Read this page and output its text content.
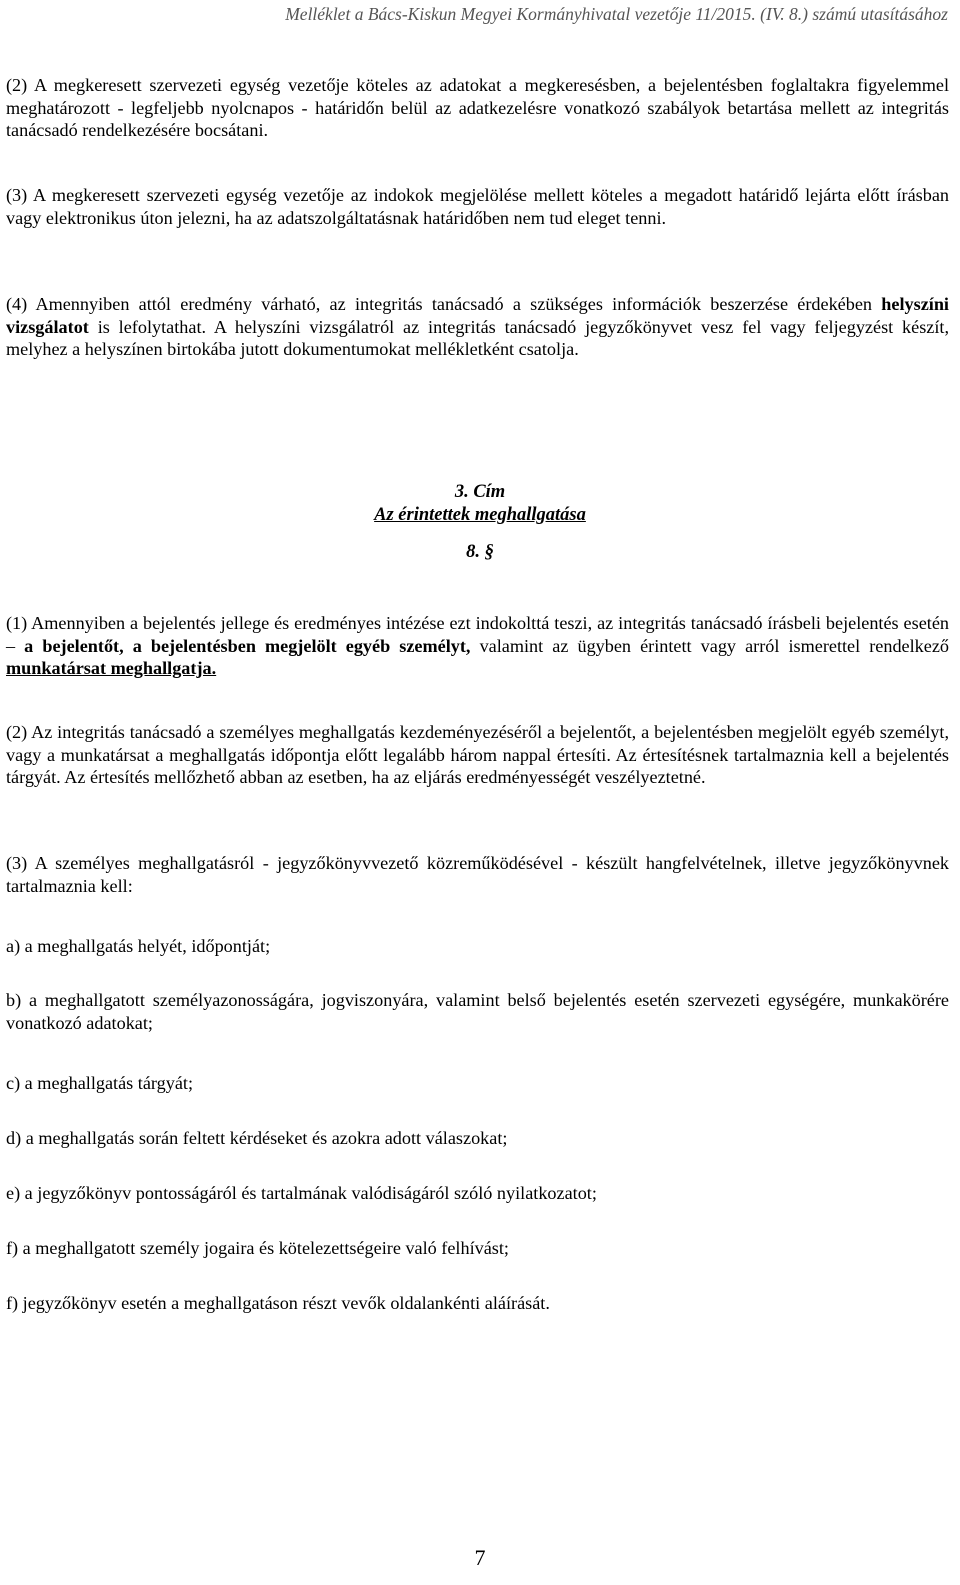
Melléklet a Bács-Kiskun Megyei Kormányhivatal vezetője 11/2015. (IV. 8.) számú utasításához

(2) A megkeresett szervezeti egység vezetője köteles az adatokat a megkeresésben, a bejelentésben foglaltakra figyelemmel meghatározott - legfeljebb nyolcnapos - határidőn belül az adatkezelésre vonatkozó szabályok betartása mellett az integritás tanácsadó rendelkezésére bocsátani.

(3) A megkeresett szervezeti egység vezetője az indokok megjelölése mellett köteles a megadott határidő lejárta előtt írásban vagy elektronikus úton jelezni, ha az adatszolgáltatásnak határidőben nem tud eleget tenni.

(4) Amennyiben attól eredmény várható, az integritás tanácsadó a szükséges információk beszerzése érdekében helyszíni vizsgálatot is lefolytathat. A helyszíni vizsgálatról az integritás tanácsadó jegyzőkönyvet vesz fel vagy feljegyzést készít, melyhez a helyszínen birtokába jutott dokumentumokat mellékletként csatolja.

3. Cím
Az érintettek meghallgatása
8. §

(1) Amennyiben a bejelentés jellege és eredményes intézése ezt indokolttá teszi, az integritás tanácsadó írásbeli bejelentés esetén – a bejelentőt, a bejelentésben megjelölt egyéb személyt, valamint az ügyben érintett vagy arról ismerettel rendelkező munkatársat meghallgatja.

(2) Az integritás tanácsadó a személyes meghallgatás kezdeményezéséről a bejelentőt, a bejelentésben megjelölt egyéb személyt, vagy a munkatársat a meghallgatás időpontja előtt legalább három nappal értesíti. Az értesítésnek tartalmaznia kell a bejelentés tárgyát. Az értesítés mellőzhető abban az esetben, ha az eljárás eredményességét veszélyeztetné.

(3) A személyes meghallgatásról - jegyzőkönyvvezető közreműködésével - készült hangfelvételnek, illetve jegyzőkönyvnek tartalmaznia kell:

a) a meghallgatás helyét, időpontját;

b) a meghallgatott személyazonosságára, jogviszonyára, valamint belső bejelentés esetén szervezeti egységére, munkakörére vonatkozó adatokat;

c) a meghallgatás tárgyát;

d) a meghallgatás során feltett kérdéseket és azokra adott válaszokat;

e) a jegyzőkönyv pontosságáról és tartalmának valódiságáról szóló nyilatkozatot;

f) a meghallgatott személy jogaira és kötelezettségeire való felhívást;

f) jegyzőkönyv esetén a meghallgatáson részt vevők oldalankénti aláírását.

7
